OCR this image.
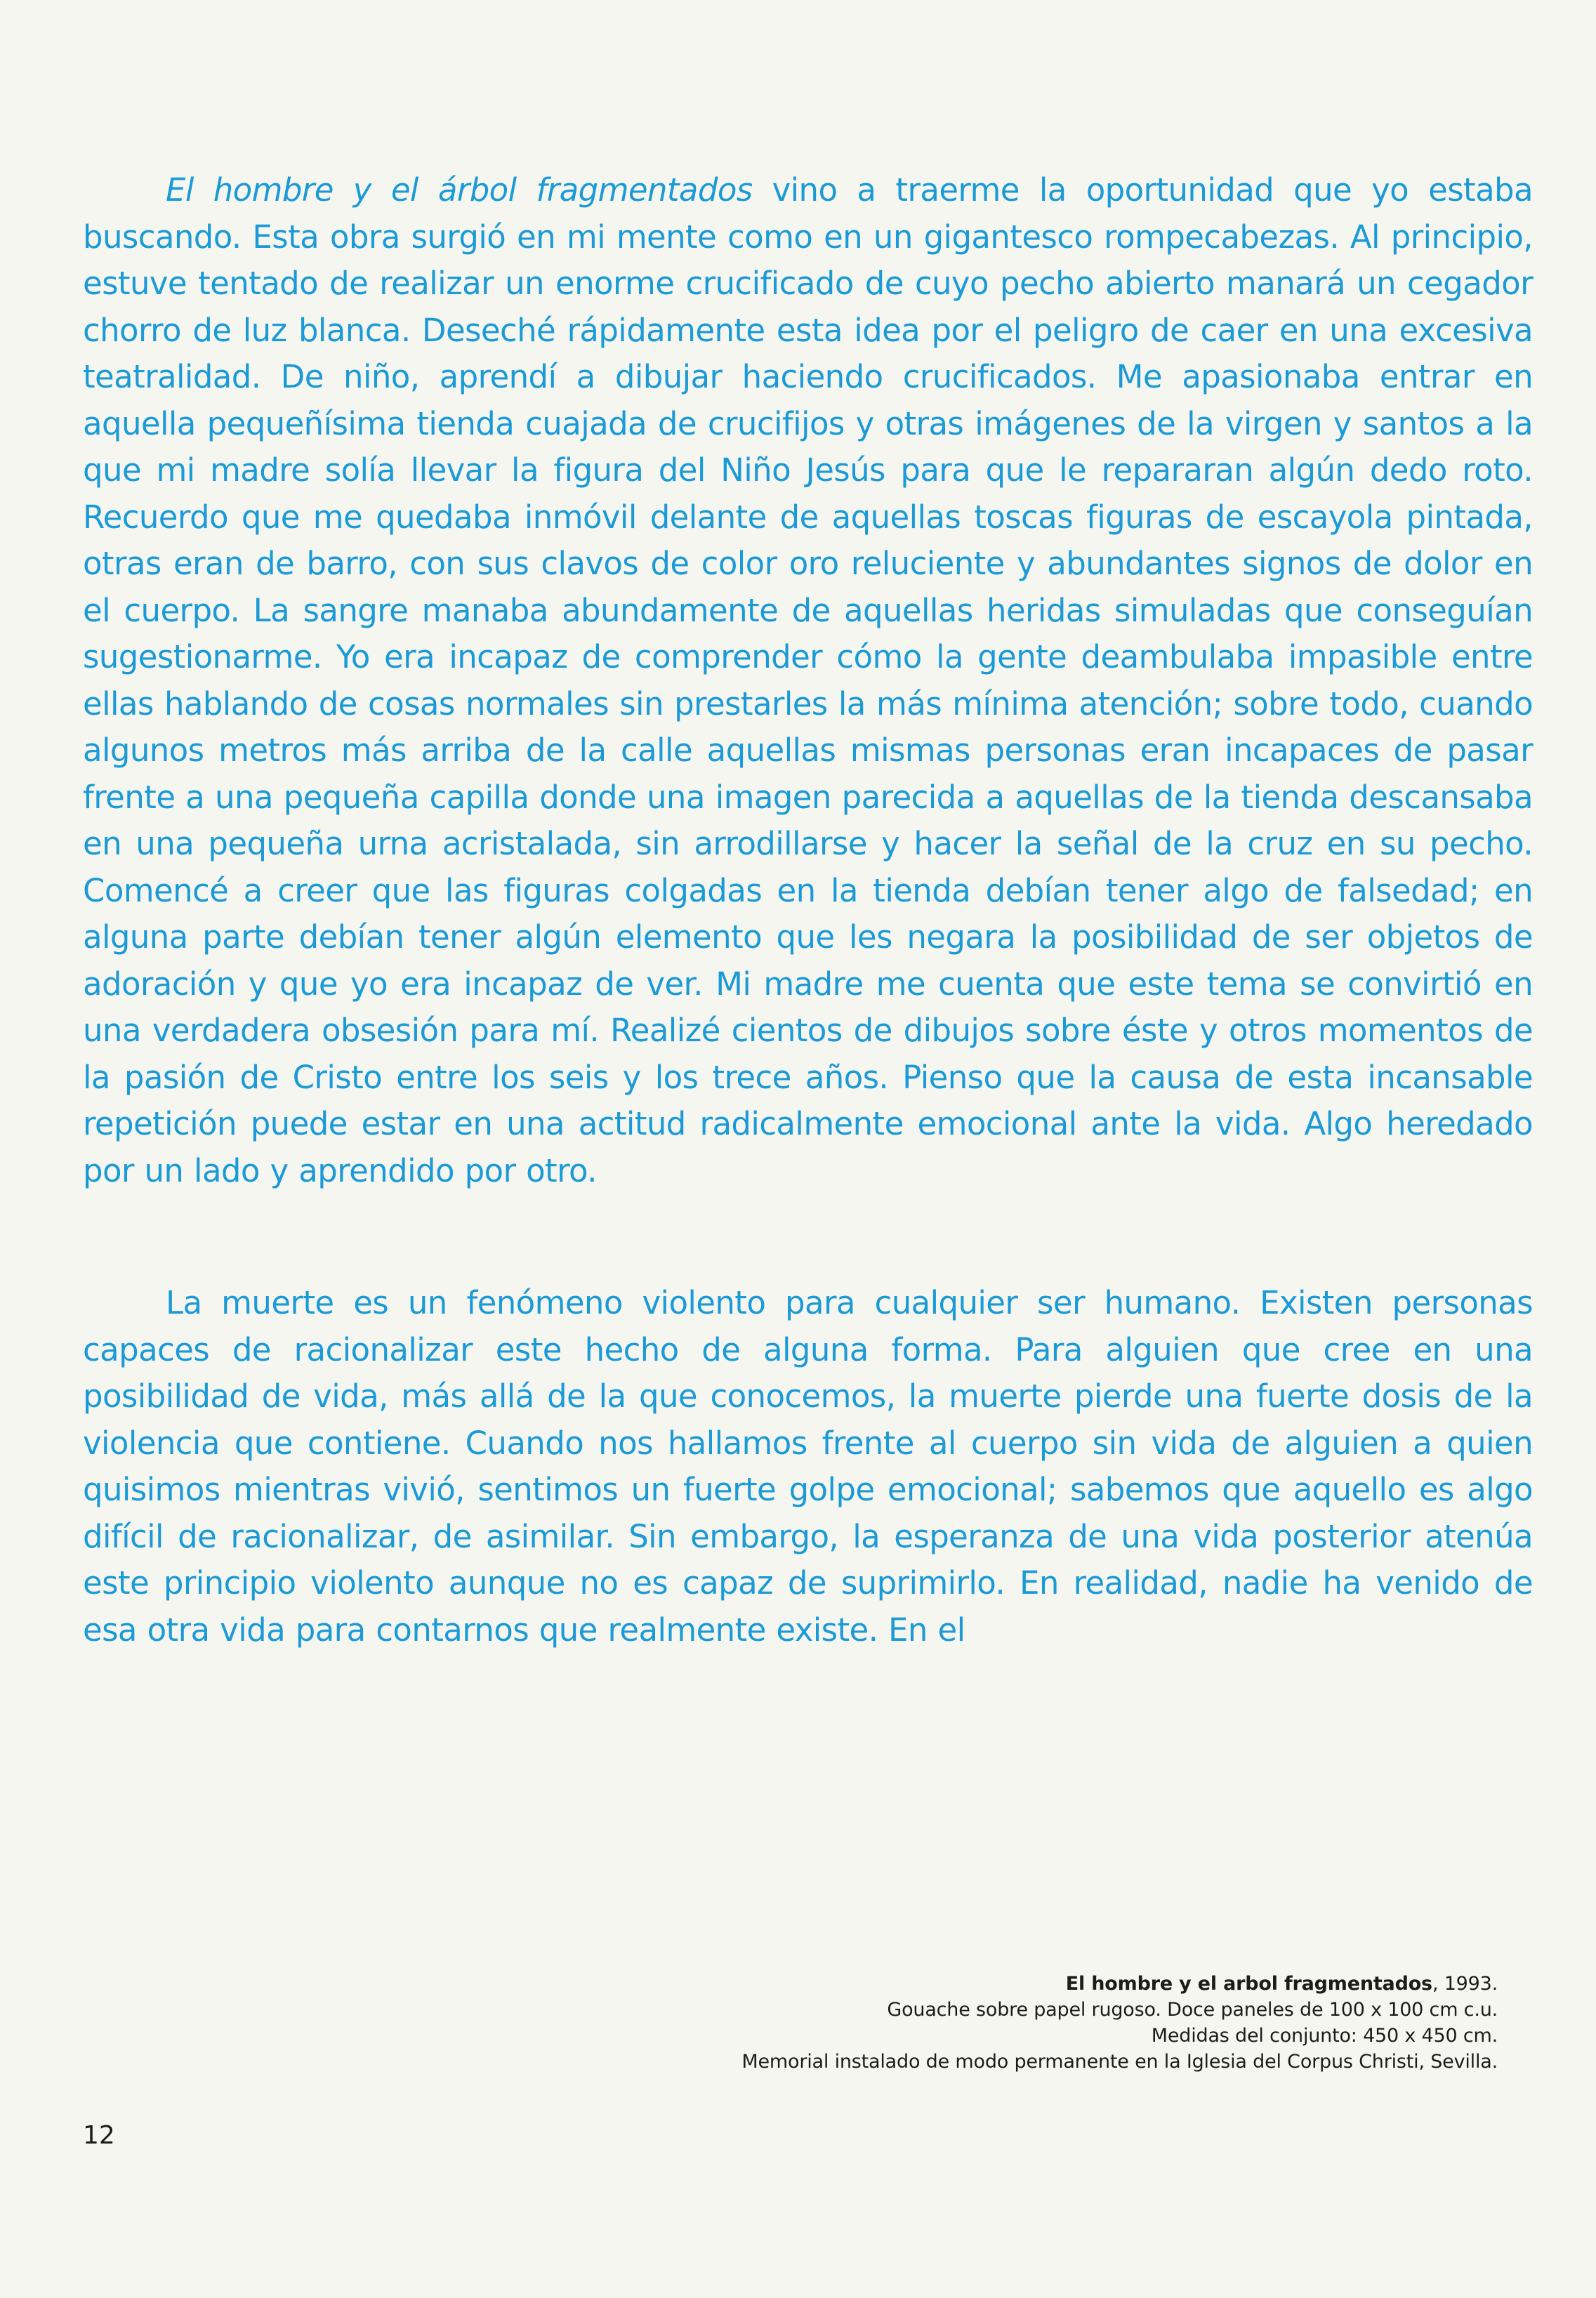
El hombre y el árbol fragmentados vino a traerme la oportunidad que yo estaba buscando. Esta obra surgió en mi mente como en un gigantesco rompecabezas. Al principio, estuve tentado de realizar un enorme crucificado de cuyo pecho abierto manará un cegador chorro de luz blanca. Deseché rápidamente esta idea por el peligro de caer en una excesiva teatralidad. De niño, aprendí a dibujar haciendo crucificados. Me apasionaba entrar en aquella pequeñísima tienda cuajada de crucifijos y otras imágenes de la virgen y santos a la que mi madre solía llevar la figura del Niño Jesús para que le repararan algún dedo roto. Recuerdo que me quedaba inmóvil delante de aquellas toscas figuras de escayola pintada, otras eran de barro, con sus clavos de color oro reluciente y abundantes signos de dolor en el cuerpo. La sangre manaba abundamente de aquellas heridas simuladas que conseguían sugestionarme. Yo era incapaz de comprender cómo la gente deambulaba impasible entre ellas hablando de cosas normales sin prestarles la más mínima atención; sobre todo, cuando algunos metros más arriba de la calle aquellas mismas personas eran incapaces de pasar frente a una pequeña capilla donde una imagen parecida a aquellas de la tienda descansaba en una pequeña urna acristalada, sin arrodillarse y hacer la señal de la cruz en su pecho. Comencé a creer que las figuras colgadas en la tienda debían tener algo de falsedad; en alguna parte debían tener algún elemento que les negara la posibilidad de ser objetos de adoración y que yo era incapaz de ver. Mi madre me cuenta que este tema se convirtió en una verdadera obsesión para mí. Realizé cientos de dibujos sobre éste y otros momentos de la pasión de Cristo entre los seis y los trece años. Pienso que la causa de esta incansable repetición puede estar en una actitud radicalmente emocional ante la vida. Algo heredado por un lado y aprendido por otro.

La muerte es un fenómeno violento para cualquier ser humano. Existen personas capaces de racionalizar este hecho de alguna forma. Para alguien que cree en una posibilidad de vida, más allá de la que conocemos, la muerte pierde una fuerte dosis de la violencia que contiene. Cuando nos hallamos frente al cuerpo sin vida de alguien a quien quisimos mientras vivió, sentimos un fuerte golpe emocional; sabemos que aquello es algo difícil de racionalizar, de asimilar. Sin embargo, la esperanza de una vida posterior atenúa este principio violento aunque no es capaz de suprimirlo. En realidad, nadie ha venido de esa otra vida para contarnos que realmente existe. En el

El hombre y el arbol fragmentados, 1993.
Gouache sobre papel rugoso. Doce paneles de 100 x 100 cm c.u.
Medidas del conjunto: 450 x 450 cm.
Memorial instalado de modo permanente en la Iglesia del Corpus Christi, Sevilla.
12
